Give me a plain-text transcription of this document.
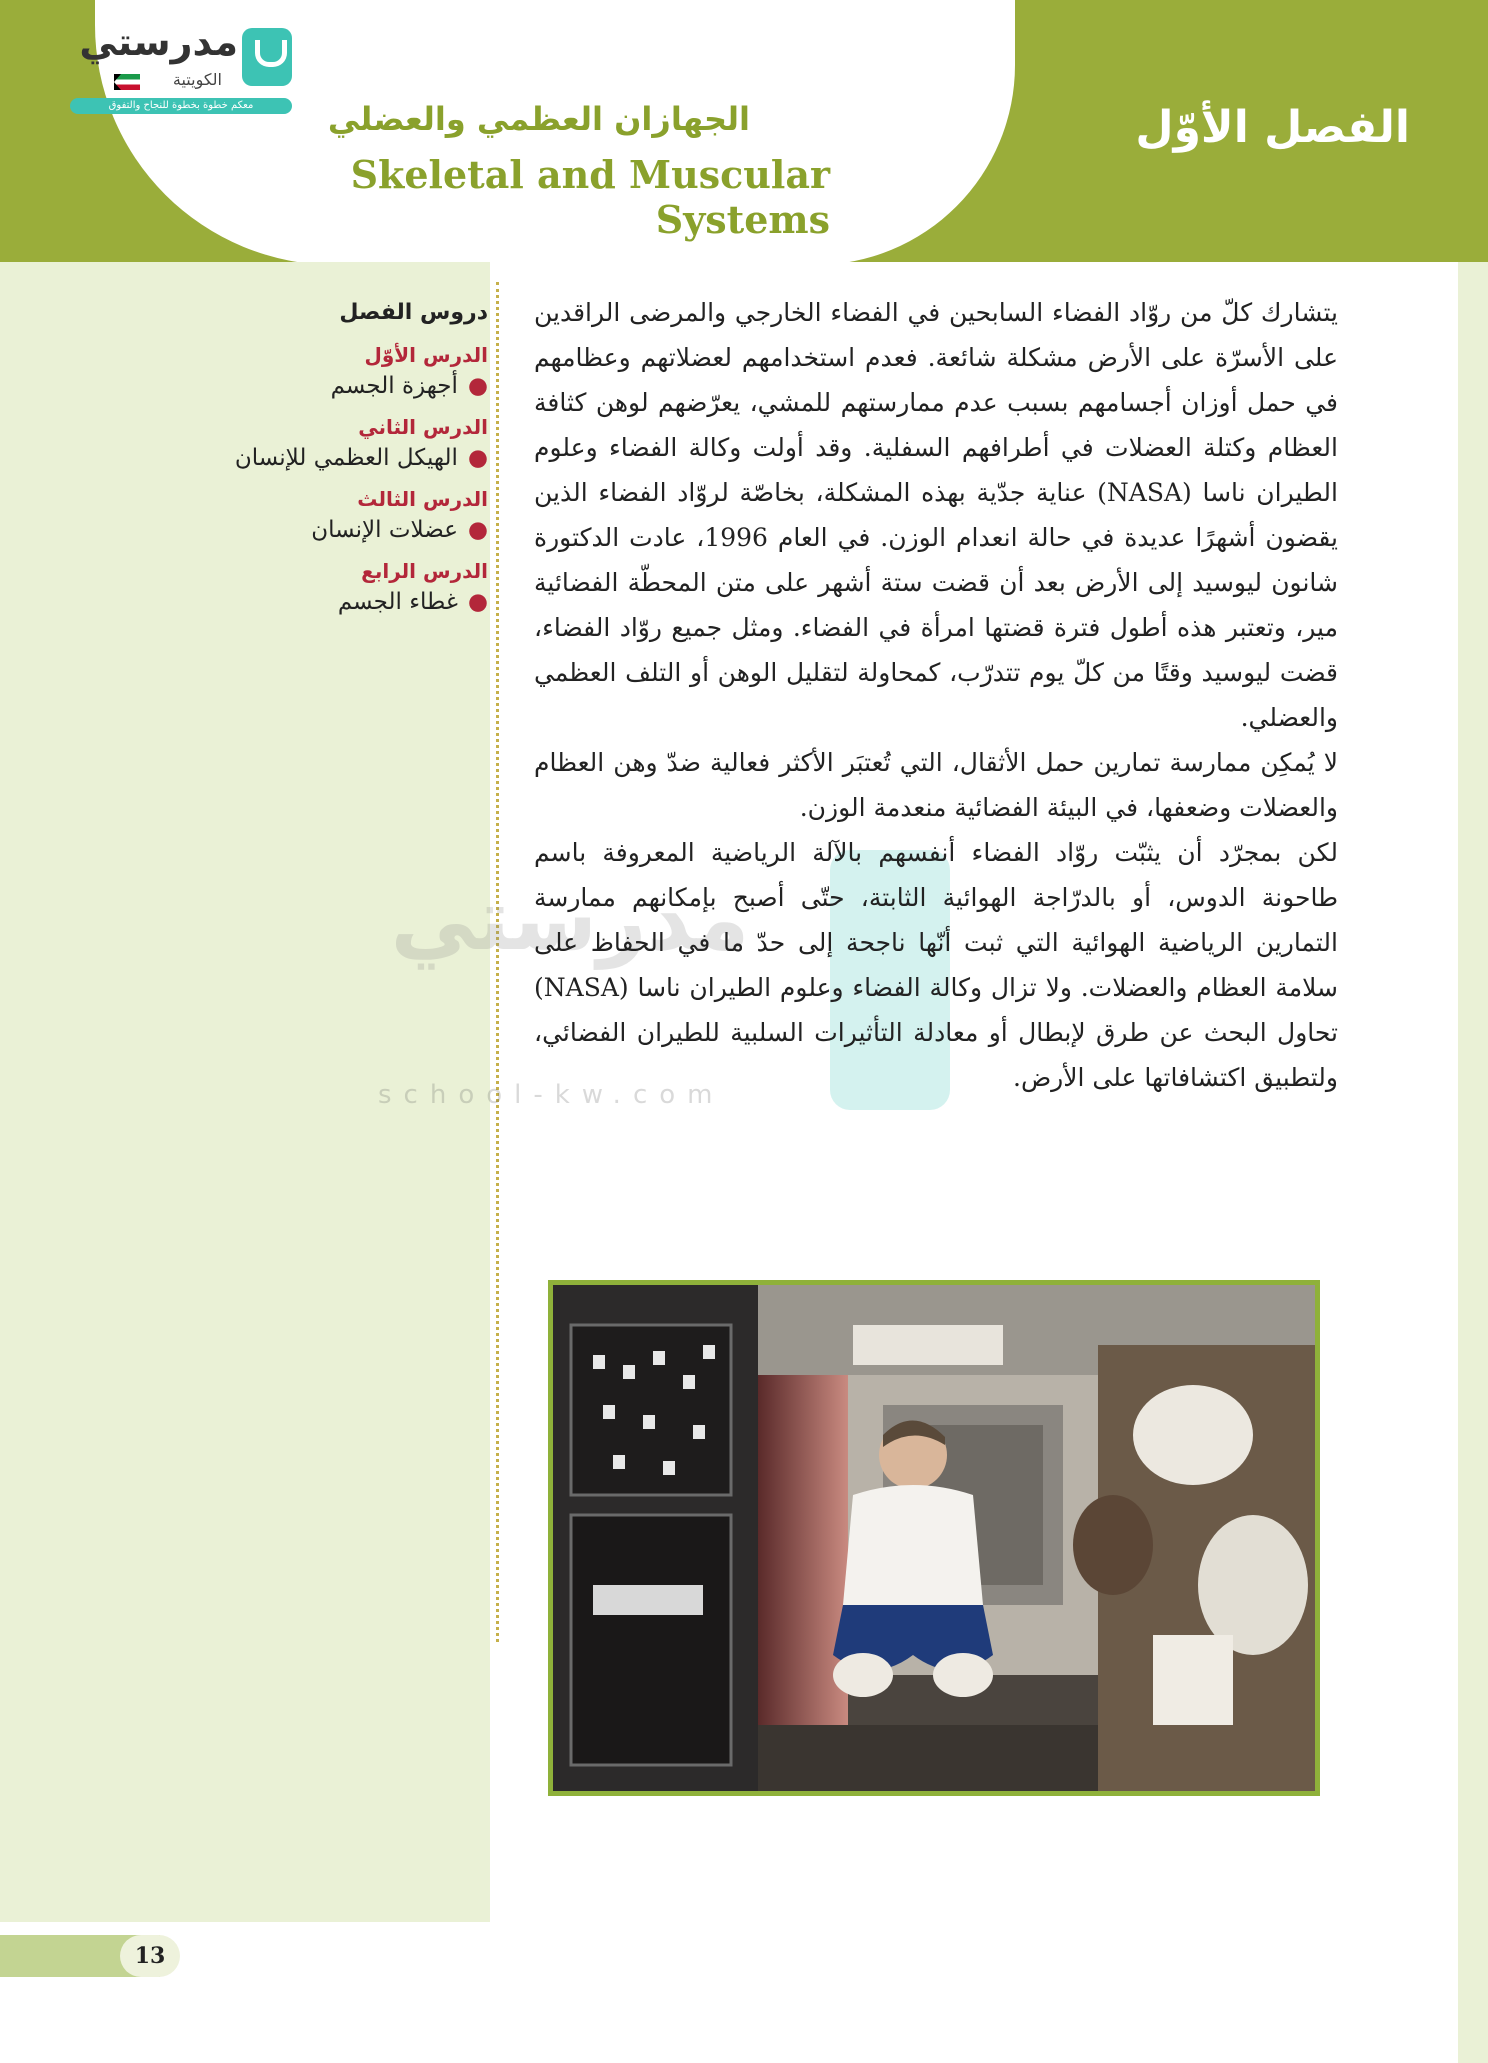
الفصل الأوّل
الجهازان العظمي والعضلي
Skeletal and Muscular Systems
مدرستي
الكويتية
معكم خطوة بخطوة للنجاح والتفوق
دروس الفصل
الدرس الأوّل
●أجهزة الجسم
الدرس الثاني
●الهيكل العظمي للإنسان
الدرس الثالث
●عضلات الإنسان
الدرس الرابع
●غطاء الجسم
مدرستي
school-kw.com

يتشارك كلّ من روّاد الفضاء السابحين في الفضاء الخارجي والمرضى الراقدين على الأسرّة على الأرض مشكلة شائعة. فعدم استخدامهم لعضلاتهم وعظامهم في حمل أوزان أجسامهم بسبب عدم ممارستهم للمشي، يعرّضهم لوهن كثافة العظام وكتلة العضلات في أطرافهم السفلية. وقد أولت وكالة الفضاء وعلوم الطيران ناسا (NASA) عناية جدّية بهذه المشكلة، بخاصّة لروّاد الفضاء الذين يقضون أشهرًا عديدة في حالة انعدام الوزن. في العام 1996، عادت الدكتورة شانون ليوسيد إلى الأرض بعد أن قضت ستة أشهر على متن المحطّة الفضائية مير، وتعتبر هذه أطول فترة قضتها امرأة في الفضاء. ومثل جميع روّاد الفضاء، قضت ليوسيد وقتًا من كلّ يوم تتدرّب، كمحاولة لتقليل الوهن أو التلف العظمي والعضلي.

لا يُمكِن ممارسة تمارين حمل الأثقال، التي تُعتبَر الأكثر فعالية ضدّ وهن العظام والعضلات وضعفها، في البيئة الفضائية منعدمة الوزن.

لكن بمجرّد أن يثبّت روّاد الفضاء أنفسهم بالآلة الرياضية المعروفة باسم طاحونة الدوس، أو بالدرّاجة الهوائية الثابتة، حتّى أصبح بإمكانهم ممارسة التمارين الرياضية الهوائية التي ثبت أنّها ناجحة إلى حدّ ما في الحفاظ على سلامة العظام والعضلات. ولا تزال وكالة الفضاء وعلوم الطيران ناسا (NASA) تحاول البحث عن طرق لإبطال أو معادلة التأثيرات السلبية للطيران الفضائي، ولتطبيق اكتشافاتها على الأرض.

13
